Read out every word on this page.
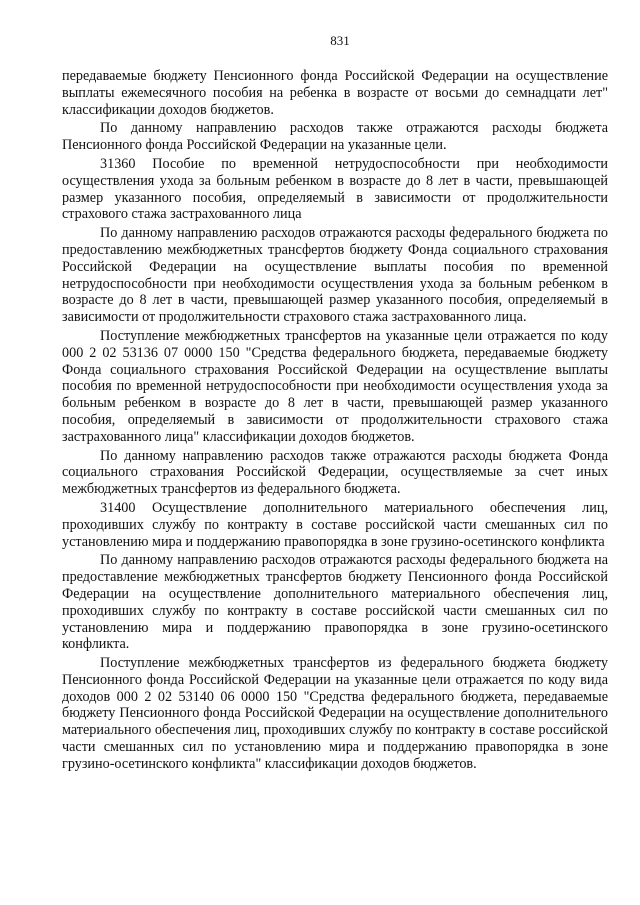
831

передаваемые бюджету Пенсионного фонда Российской Федерации на осуществление выплаты ежемесячного пособия на ребенка в возрасте от восьми до семнадцати лет" классификации доходов бюджетов.

По данному направлению расходов также отражаются расходы бюджета Пенсионного фонда Российской Федерации на указанные цели.

31360 Пособие по временной нетрудоспособности при необходимости осуществления ухода за больным ребенком в возрасте до 8 лет в части, превышающей размер указанного пособия, определяемый в зависимости от продолжительности страхового стажа застрахованного лица

По данному направлению расходов отражаются расходы федерального бюджета по предоставлению межбюджетных трансфертов бюджету Фонда социального страхования Российской Федерации на осуществление выплаты пособия по временной нетрудоспособности при необходимости осуществления ухода за больным ребенком в возрасте до 8 лет в части, превышающей размер указанного пособия, определяемый в зависимости от продолжительности страхового стажа застрахованного лица.

Поступление межбюджетных трансфертов на указанные цели отражается по коду 000 2 02 53136 07 0000 150 "Средства федерального бюджета, передаваемые бюджету Фонда социального страхования Российской Федерации на осуществление выплаты пособия по временной нетрудоспособности при необходимости осуществления ухода за больным ребенком в возрасте до 8 лет в части, превышающей размер указанного пособия, определяемый в зависимости от продолжительности страхового стажа застрахованного лица" классификации доходов бюджетов.

По данному направлению расходов также отражаются расходы бюджета Фонда социального страхования Российской Федерации, осуществляемые за счет иных межбюджетных трансфертов из федерального бюджета.

31400 Осуществление дополнительного материального обеспечения лиц, проходивших службу по контракту в составе российской части смешанных сил по установлению мира и поддержанию правопорядка в зоне грузино-осетинского конфликта

По данному направлению расходов отражаются расходы федерального бюджета на предоставление межбюджетных трансфертов бюджету Пенсионного фонда Российской Федерации на осуществление дополнительного материального обеспечения лиц, проходивших службу по контракту в составе российской части смешанных сил по установлению мира и поддержанию правопорядка в зоне грузино-осетинского конфликта.

Поступление межбюджетных трансфертов из федерального бюджета бюджету Пенсионного фонда Российской Федерации на указанные цели отражается по коду вида доходов 000 2 02 53140 06 0000 150 "Средства федерального бюджета, передаваемые бюджету Пенсионного фонда Российской Федерации на осуществление дополнительного материального обеспечения лиц, проходивших службу по контракту в составе российской части смешанных сил по установлению мира и поддержанию правопорядка в зоне грузино-осетинского конфликта" классификации доходов бюджетов.
